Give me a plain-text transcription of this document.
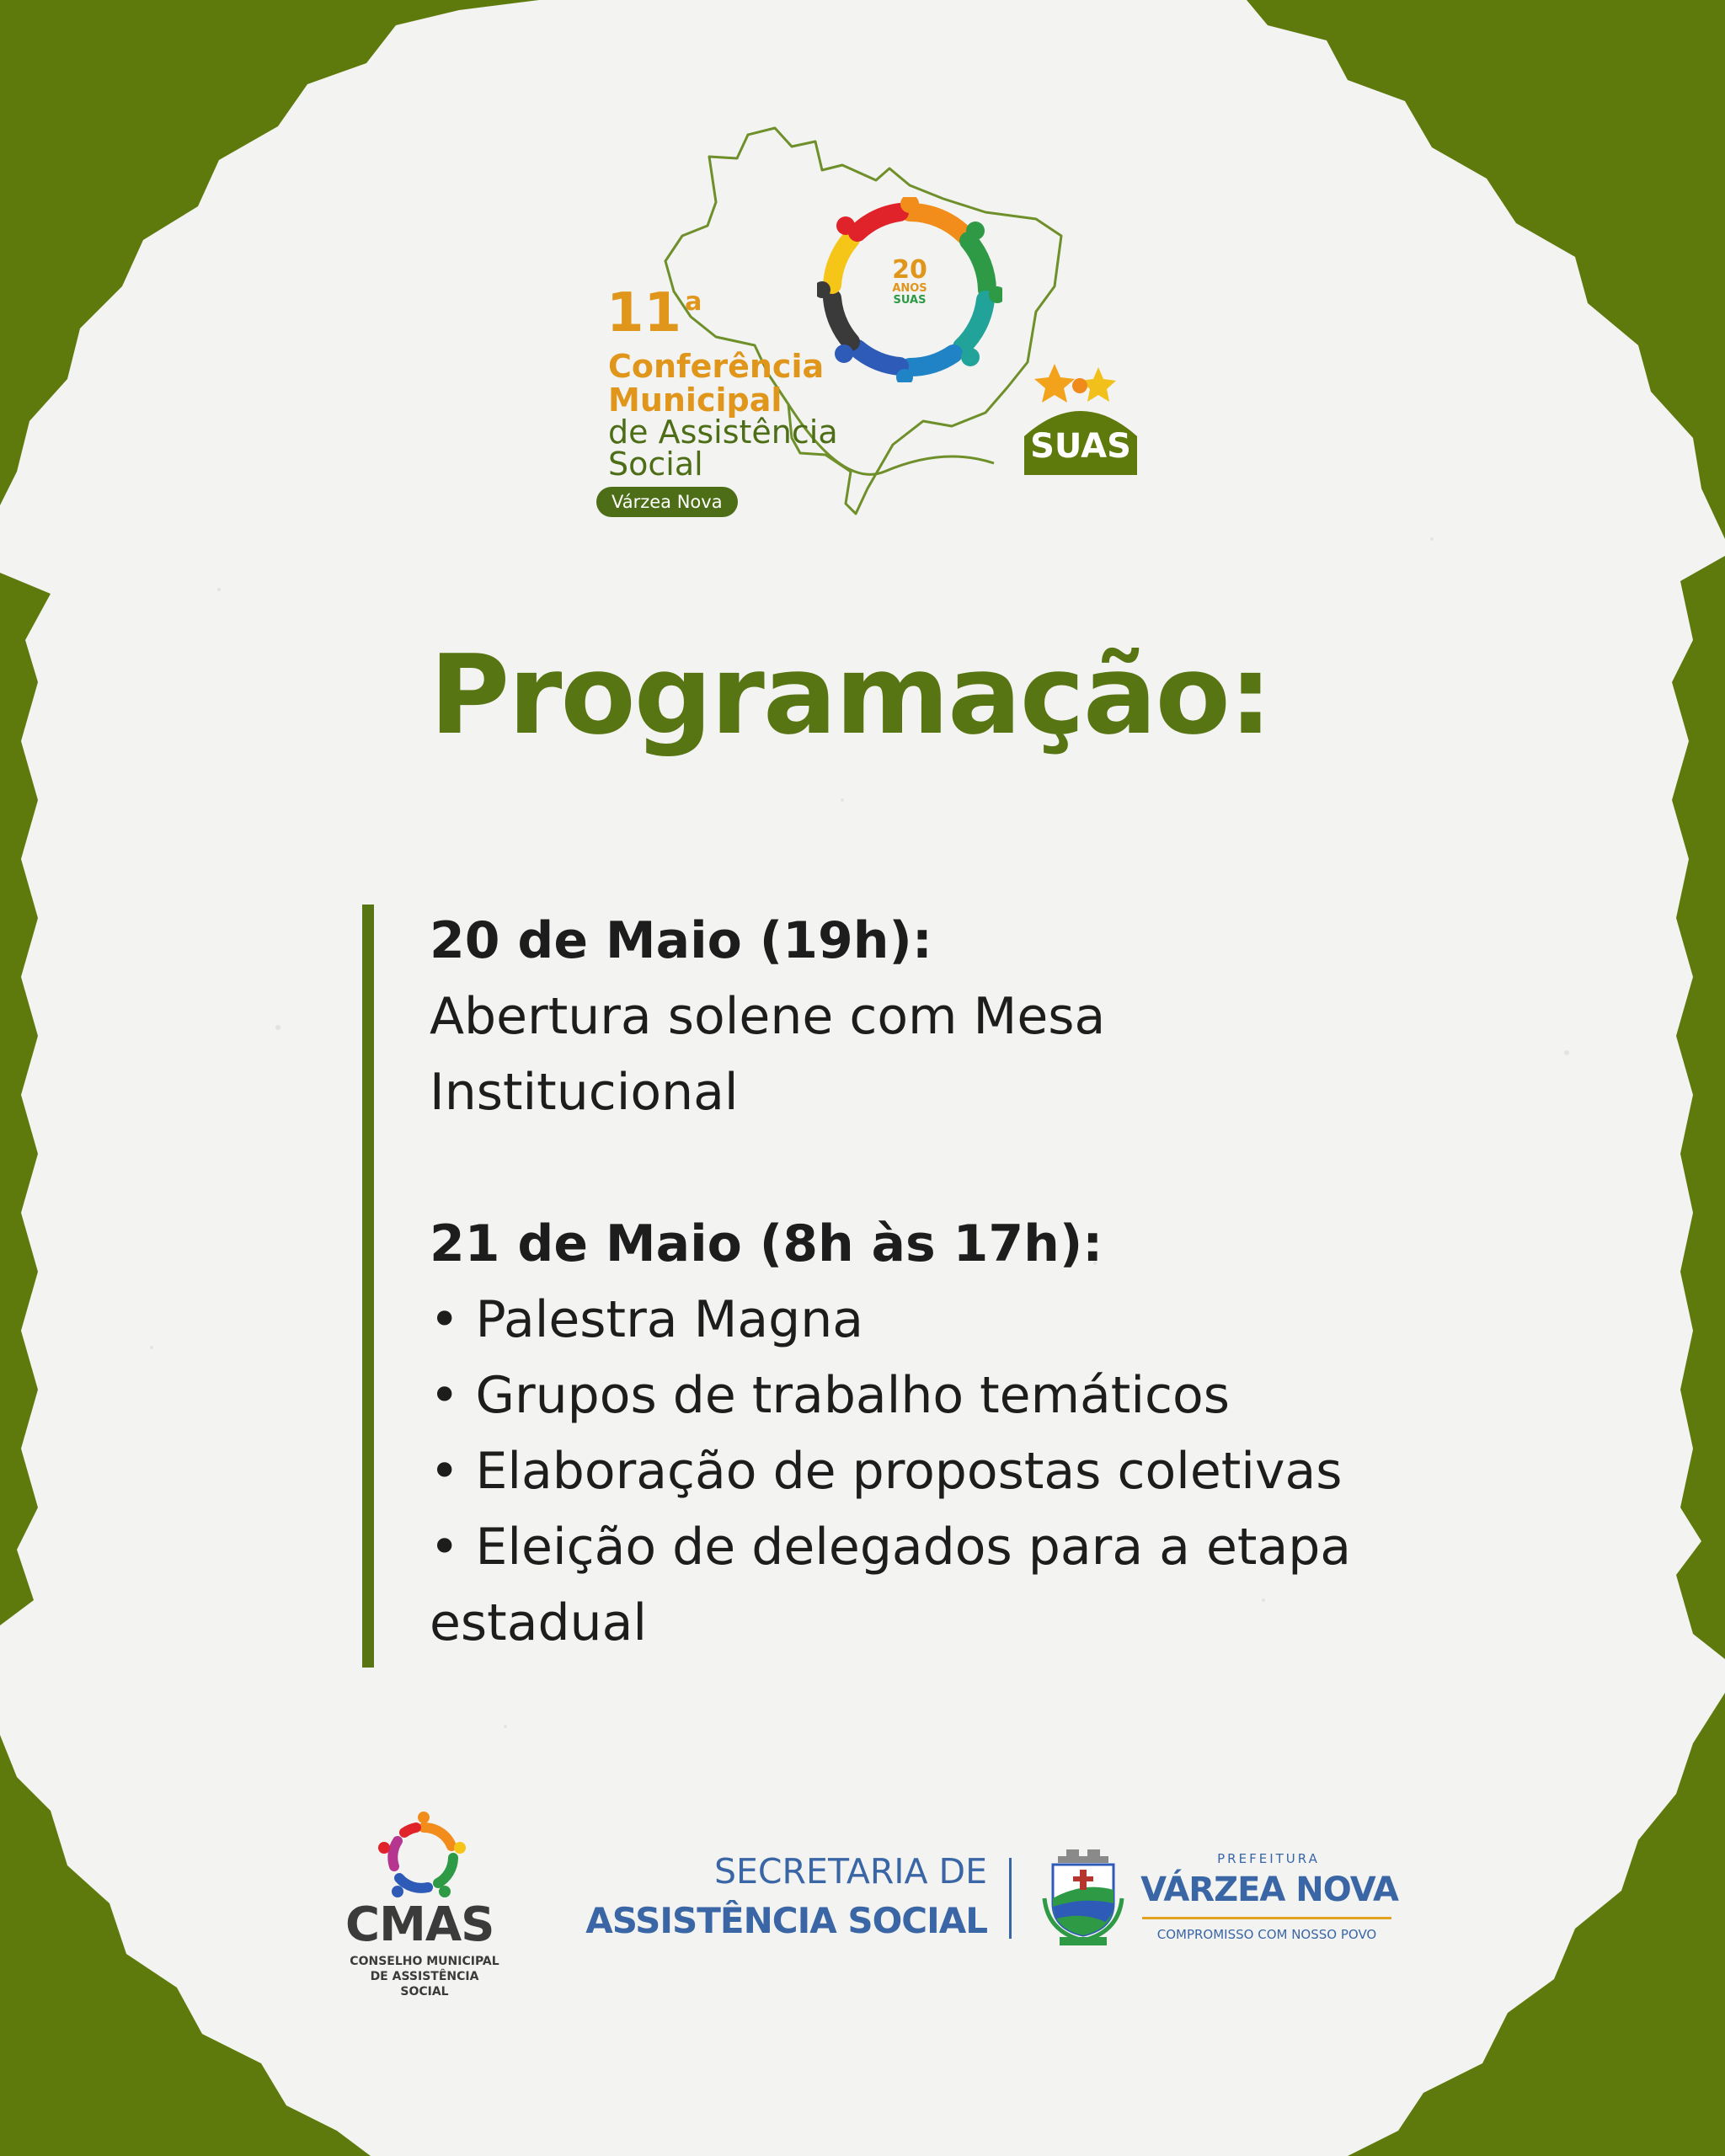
20
ANOS
SUAS
11 $^a$
Conferência
Municipal
de Assistência
Social
Várzea Nova
SUAS
Programação:
20 de Maio (19h):
Abertura solene com Mesa
Institucional
21 de Maio (8h às 17h):
• Palestra Magna
• Grupos de trabalho temáticos
• Elaboração de propostas coletivas
• Eleição de delegados para a etapa
estadual
CMAS
CONSELHO MUNICIPAL
DE ASSISTÊNCIA SOCIAL
SECRETARIA DE
ASSISTÊNCIA SOCIAL
PREFEITURA
VÁRZEA NOVA
COMPROMISSO COM NOSSO POVO
